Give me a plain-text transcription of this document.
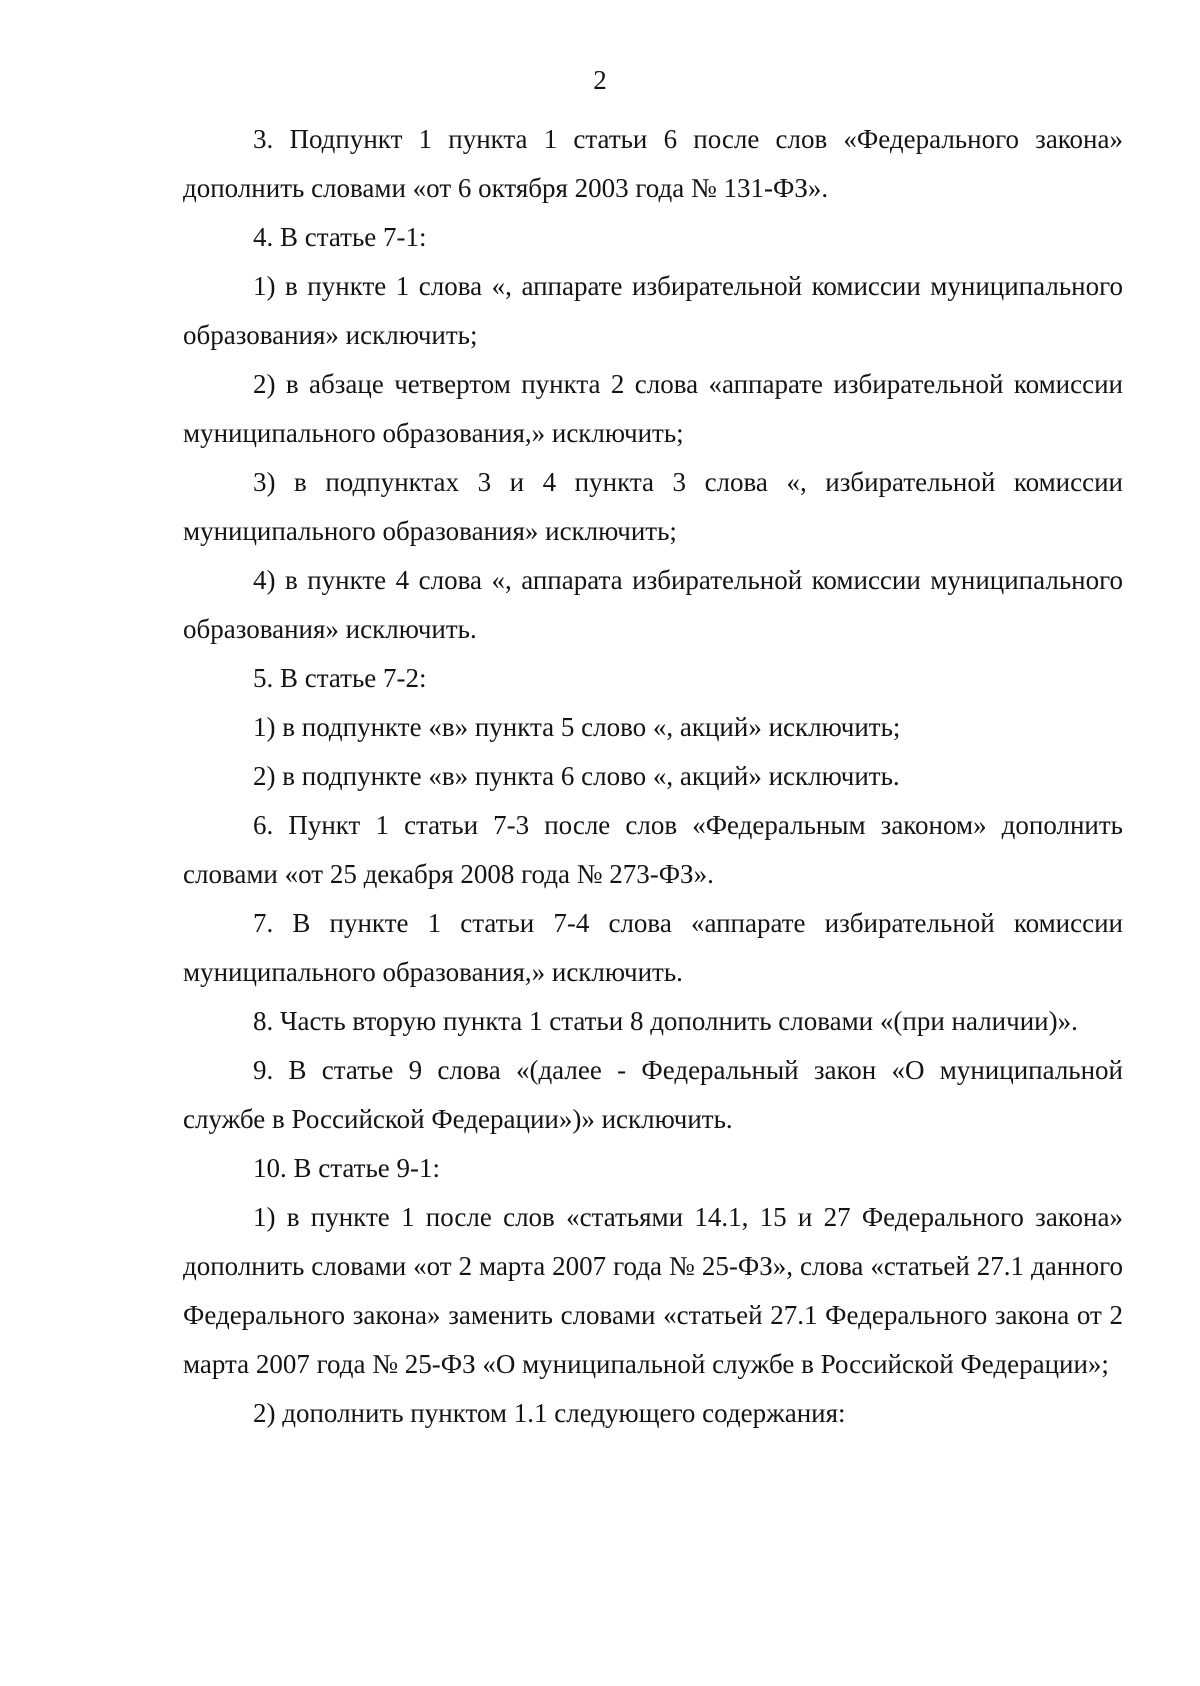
2

3. Подпункт 1 пункта 1 статьи 6 после слов «Федерального закона» дополнить словами «от 6 октября 2003 года № 131-ФЗ».

4. В статье 7-1:

1) в пункте 1 слова «, аппарате избирательной комиссии муниципального образования» исключить;

2) в абзаце четвертом пункта 2 слова «аппарате избирательной комиссии муниципального образования,» исключить;

3) в подпунктах 3 и 4 пункта 3 слова «, избирательной комиссии муниципального образования» исключить;

4) в пункте 4 слова «, аппарата избирательной комиссии муниципального образования» исключить.

5. В статье 7-2:

1) в подпункте «в» пункта 5 слово «, акций» исключить;

2) в подпункте «в» пункта 6 слово «, акций» исключить.

6. Пункт 1 статьи 7-3 после слов «Федеральным законом» дополнить словами «от 25 декабря 2008 года № 273-ФЗ».

7. В пункте 1 статьи 7-4 слова «аппарате избирательной комиссии муниципального образования,» исключить.

8. Часть вторую пункта 1 статьи 8 дополнить словами «(при наличии)».

9. В статье 9 слова «(далее - Федеральный закон «О муниципальной службе в Российской Федерации»)» исключить.

10. В статье 9-1:

1) в пункте 1 после слов «статьями 14.1, 15 и 27 Федерального закона» дополнить словами «от 2 марта 2007 года № 25-ФЗ», слова «статьей 27.1 данного Федерального закона» заменить словами «статьей 27.1 Федерального закона от 2 марта 2007 года № 25-ФЗ «О муниципальной службе в Российской Федерации»;

2) дополнить пунктом 1.1 следующего содержания:
